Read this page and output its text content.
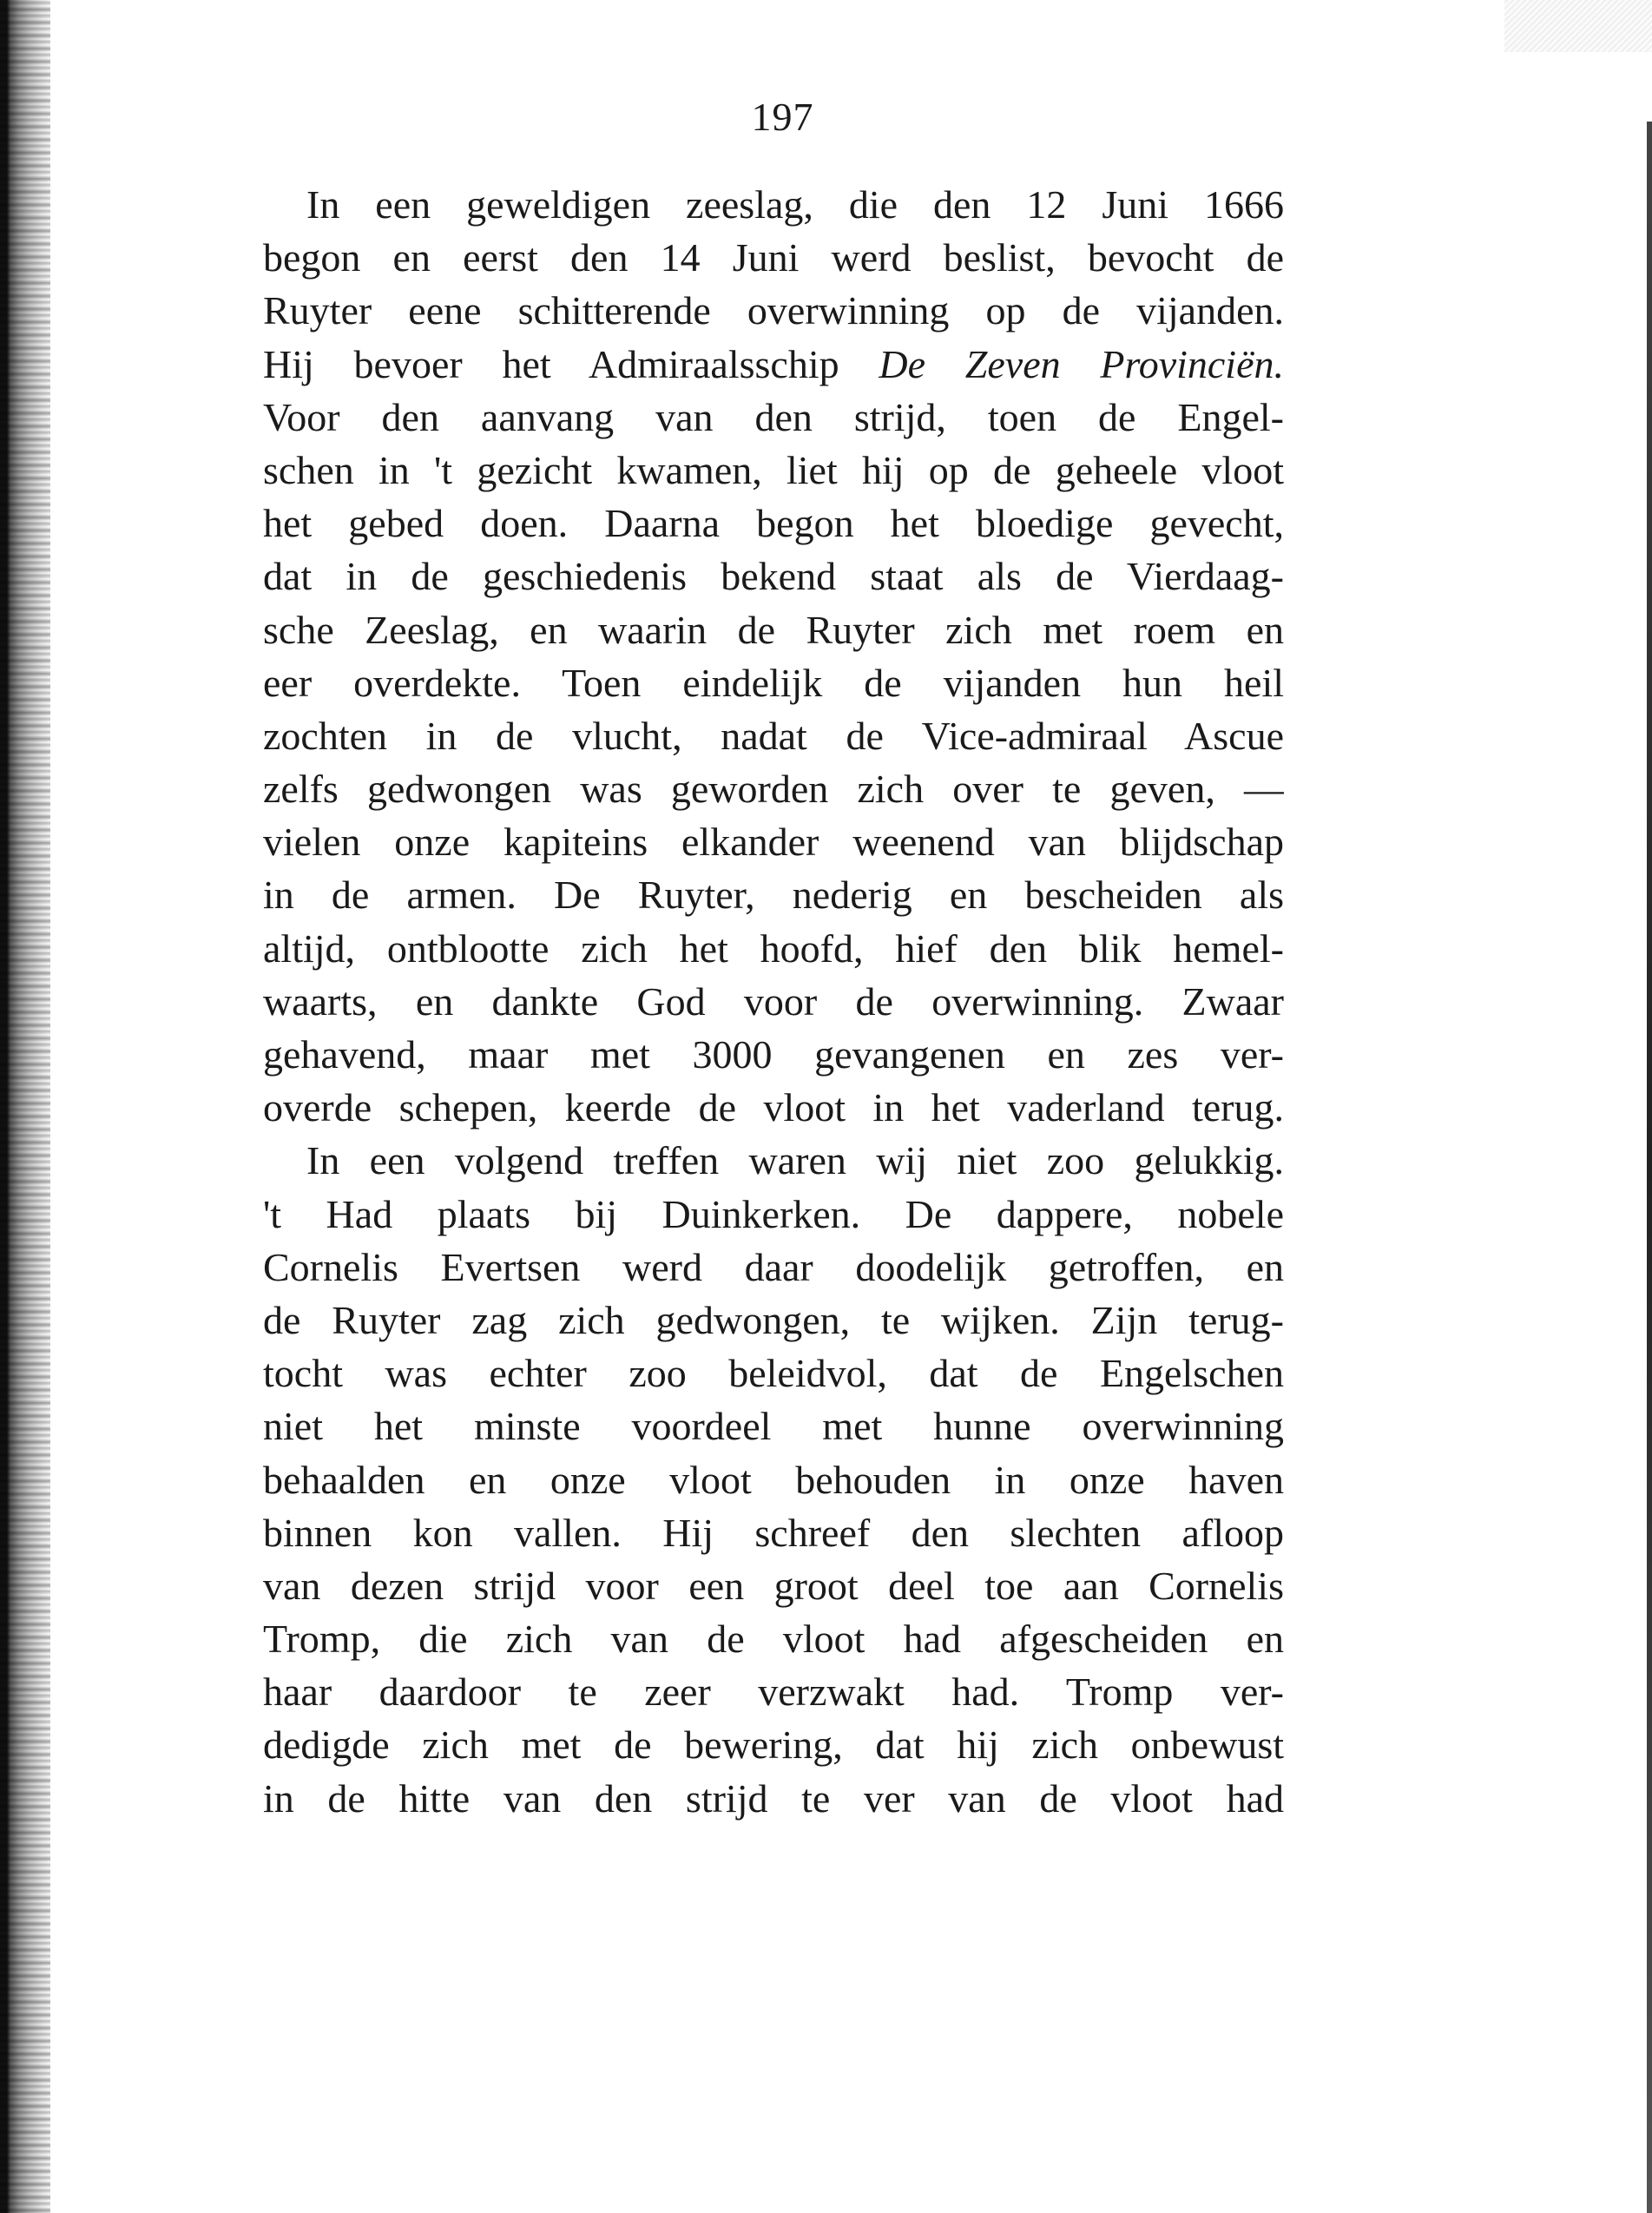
197
In een geweldigen zeeslag, die den 12 Juni 1666
begon en eerst den 14 Juni werd beslist, bevocht de
Ruyter eene schitterende overwinning op de vijanden.
Hij bevoer het Admiraalsschip De Zeven Provinciën.
Voor den aanvang van den strijd, toen de Engel-
schen in 't gezicht kwamen, liet hij op de geheele vloot
het gebed doen. Daarna begon het bloedige gevecht,
dat in de geschiedenis bekend staat als de Vierdaag-
sche Zeeslag, en waarin de Ruyter zich met roem en
eer overdekte. Toen eindelijk de vijanden hun heil
zochten in de vlucht, nadat de Vice-admiraal Ascue
zelfs gedwongen was geworden zich over te geven, —
vielen onze kapiteins elkander weenend van blijdschap
in de armen. De Ruyter, nederig en bescheiden als
altijd, ontblootte zich het hoofd, hief den blik hemel-
waarts, en dankte God voor de overwinning. Zwaar
gehavend, maar met 3000 gevangenen en zes ver-
overde schepen, keerde de vloot in het vaderland terug.
In een volgend treffen waren wij niet zoo gelukkig.
't Had plaats bij Duinkerken. De dappere, nobele
Cornelis Evertsen werd daar doodelijk getroffen, en
de Ruyter zag zich gedwongen, te wijken. Zijn terug-
tocht was echter zoo beleidvol, dat de Engelschen
niet het minste voordeel met hunne overwinning
behaalden en onze vloot behouden in onze haven
binnen kon vallen. Hij schreef den slechten afloop
van dezen strijd voor een groot deel toe aan Cornelis
Tromp, die zich van de vloot had afgescheiden en
haar daardoor te zeer verzwakt had. Tromp ver-
dedigde zich met de bewering, dat hij zich onbewust
in de hitte van den strijd te ver van de vloot had
